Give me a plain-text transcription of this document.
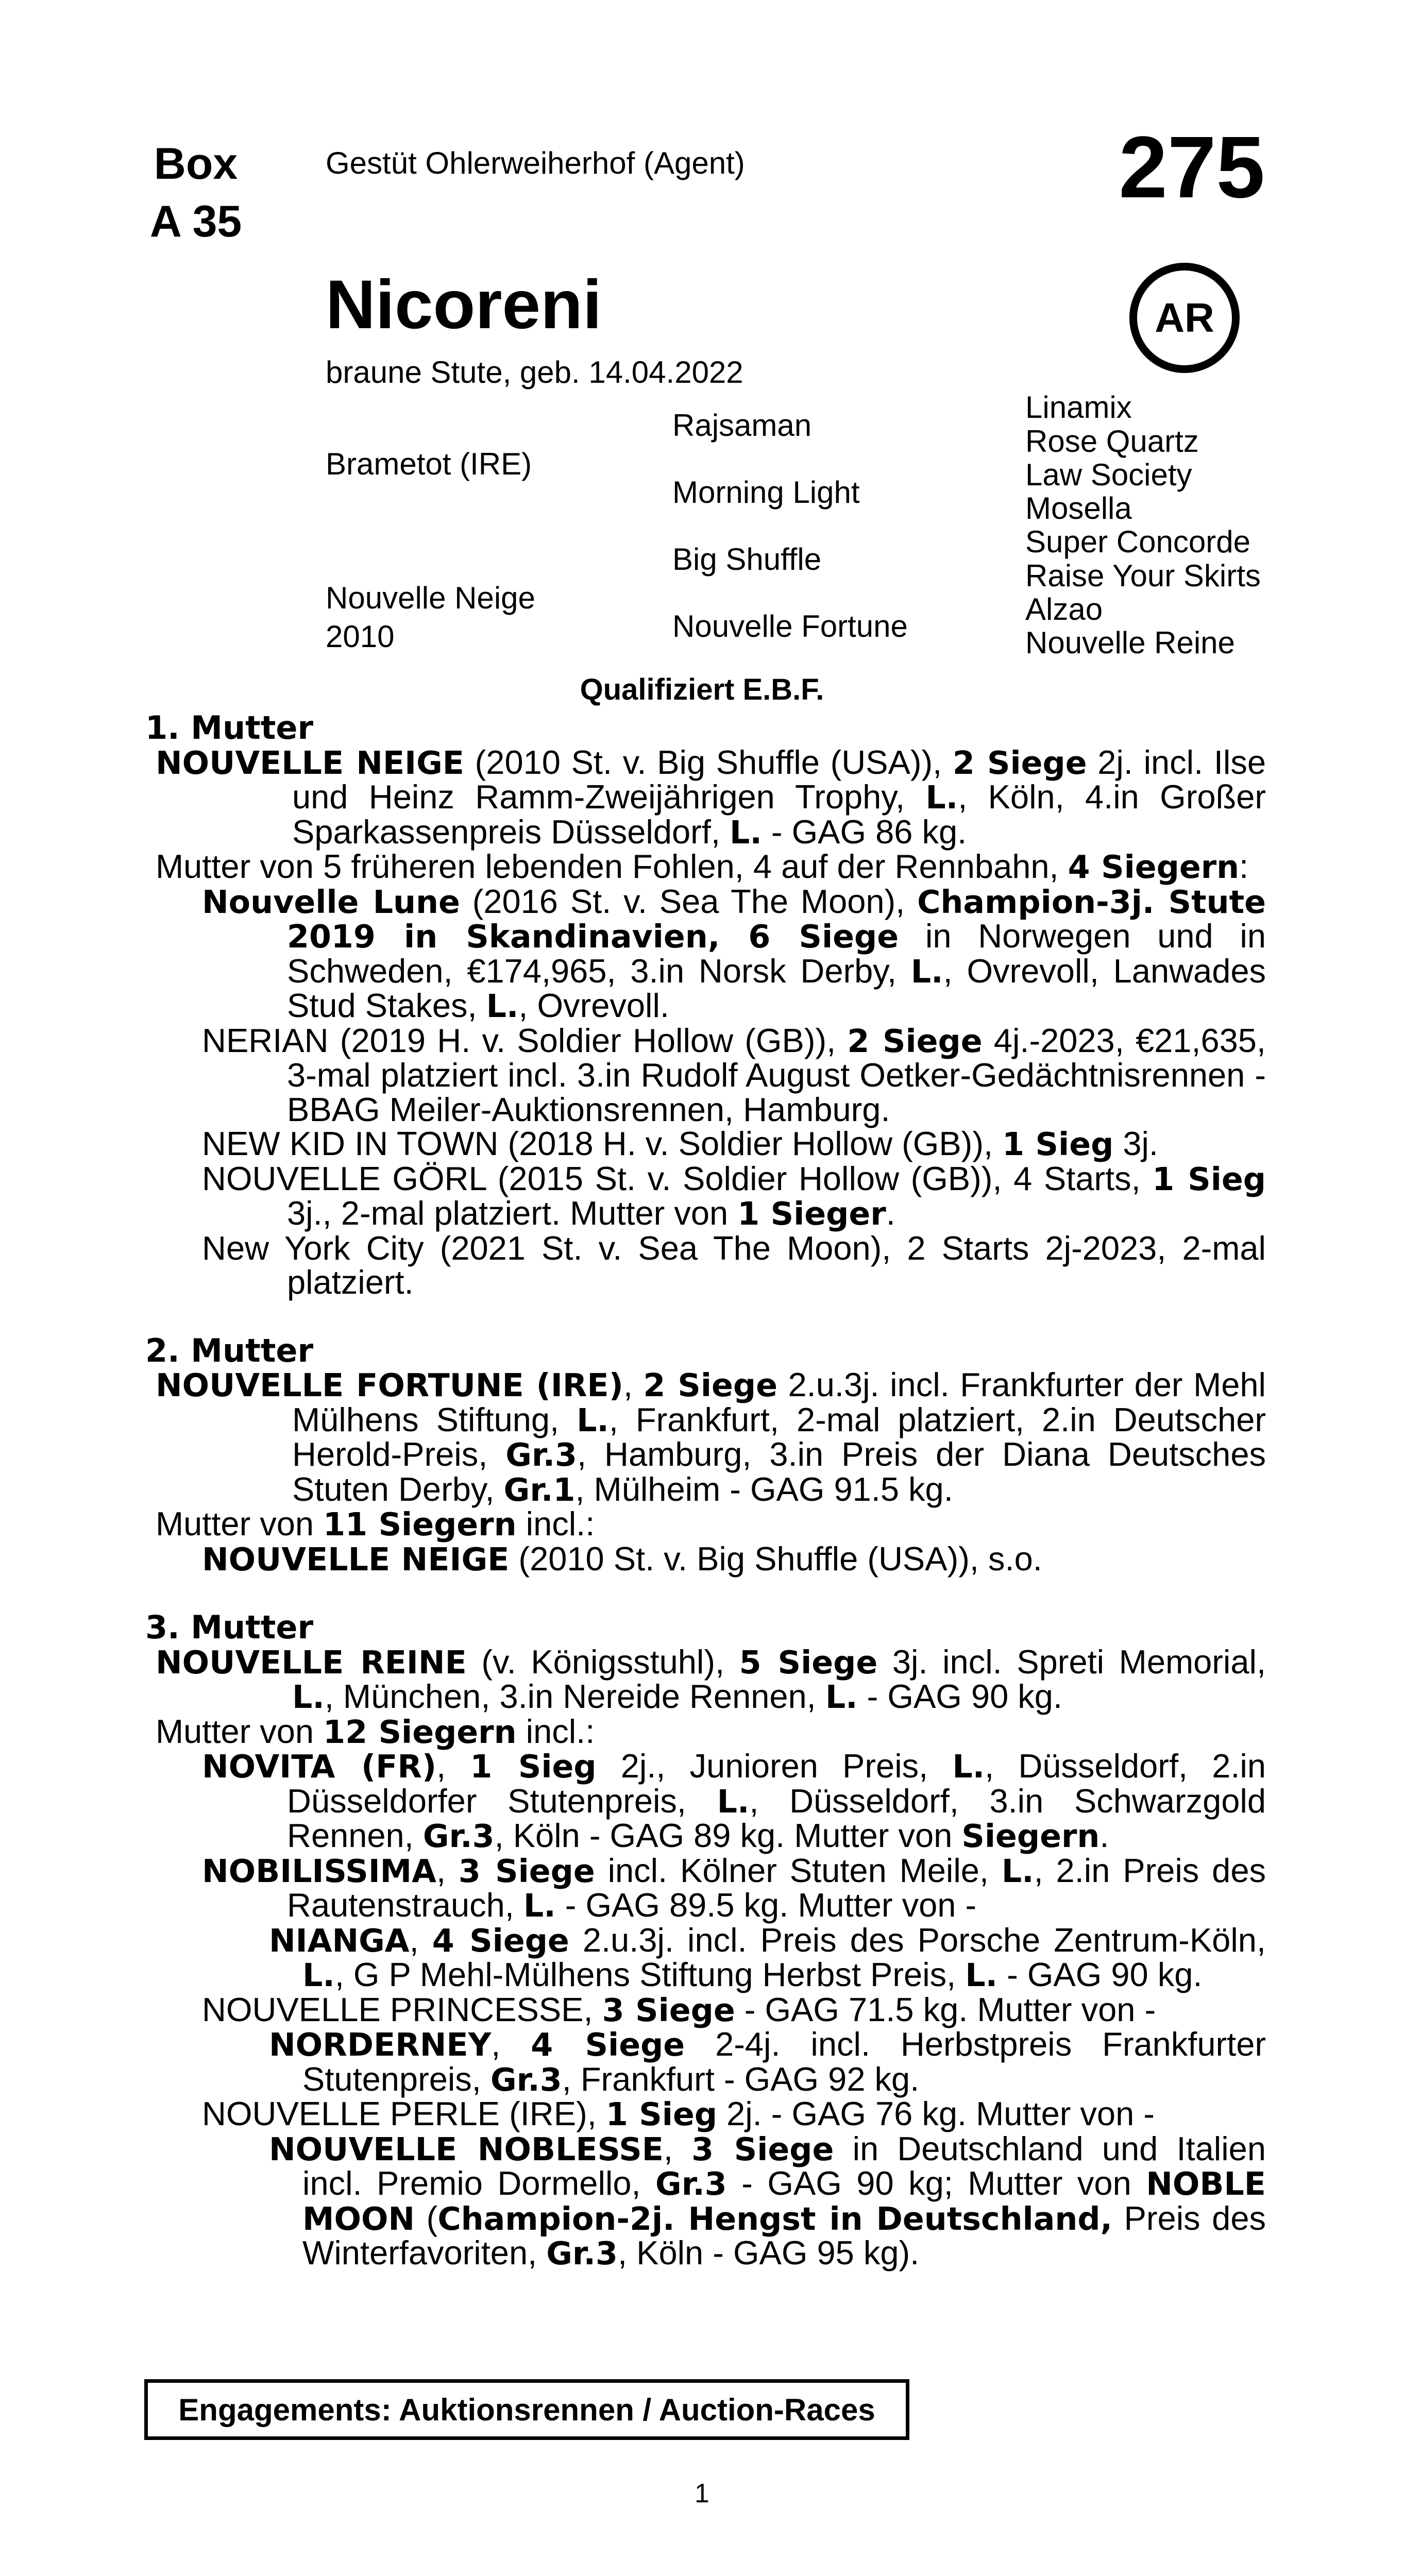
Box
A 35
Gestüt Ohlerweiherhof (Agent)	275
AR
Nicoreni
braune Stute, geb. 14.04.2022
Brametot (IRE)
Nouvelle Neige
2010
Rajsaman
Morning Light
Big Shuffle
Nouvelle Fortune
Linamix
Rose Quartz
Law Society
Mosella
Super Concorde
Raise Your Skirts
Alzao
Nouvelle Reine
Qualifiziert E.B.F.
1. Mutter
NOUVELLE NEIGE (2010 St. v. Big Shuffle (USA)), 2 Siege 2j. incl. Ilse und Heinz Ramm-Zweijährigen Trophy, L., Köln, 4.in Großer Sparkassenpreis Düsseldorf, L. - GAG 86 kg.
Mutter von 5 früheren lebenden Fohlen, 4 auf der Rennbahn, 4 Siegern:
Nouvelle Lune (2016 St. v. Sea The Moon), Champion-3j. Stute 2019 in Skandinavien, 6 Siege in Norwegen und in Schweden, €174,965, 3.in Norsk Derby, L., Ovrevoll, Lanwades Stud Stakes, L., Ovrevoll.
NERIAN (2019 H. v. Soldier Hollow (GB)), 2 Siege 4j.-2023, €21,635, 3-mal platziert incl. 3.in Rudolf August Oetker-Gedächtnisrennen - BBAG Meiler-Auktionsrennen, Hamburg.
NEW KID IN TOWN (2018 H. v. Soldier Hollow (GB)), 1 Sieg 3j.
NOUVELLE GÖRL (2015 St. v. Soldier Hollow (GB)), 4 Starts, 1 Sieg 3j., 2-mal platziert. Mutter von 1 Sieger.
New York City (2021 St. v. Sea The Moon), 2 Starts 2j-2023, 2-mal platziert.
2. Mutter
NOUVELLE FORTUNE (IRE), 2 Siege 2.u.3j. incl. Frankfurter der Mehl Mülhens Stiftung, L., Frankfurt, 2-mal platziert, 2.in Deutscher Herold-Preis, Gr.3, Hamburg, 3.in Preis der Diana Deutsches Stuten Derby, Gr.1, Mülheim - GAG 91.5 kg.
Mutter von 11 Siegern incl.:
NOUVELLE NEIGE (2010 St. v. Big Shuffle (USA)), s.o.
3. Mutter
NOUVELLE REINE (v. Königsstuhl), 5 Siege 3j. incl. Spreti Memorial, L., München, 3.in Nereide Rennen, L. - GAG 90 kg.
Mutter von 12 Siegern incl.:
NOVITA (FR), 1 Sieg 2j., Junioren Preis, L., Düsseldorf, 2.in Düsseldorfer Stutenpreis, L., Düsseldorf, 3.in Schwarzgold Rennen, Gr.3, Köln - GAG 89 kg. Mutter von Siegern.
NOBILISSIMA, 3 Siege incl. Kölner Stuten Meile, L., 2.in Preis des Rautenstrauch, L. - GAG 89.5 kg. Mutter von -
NIANGA, 4 Siege 2.u.3j. incl. Preis des Porsche Zentrum-Köln, L., G P Mehl-Mülhens Stiftung Herbst Preis, L. - GAG 90 kg.
NOUVELLE PRINCESSE, 3 Siege - GAG 71.5 kg. Mutter von -
NORDERNEY, 4 Siege 2-4j. incl. Herbstpreis Frankfurter Stutenpreis, Gr.3, Frankfurt - GAG 92 kg.
NOUVELLE PERLE (IRE), 1 Sieg 2j. - GAG 76 kg. Mutter von -
NOUVELLE NOBLESSE, 3 Siege in Deutschland und Italien incl. Premio Dormello, Gr.3 - GAG 90 kg; Mutter von NOBLE MOON (Champion-2j. Hengst in Deutschland, Preis des Winterfavoriten, Gr.3, Köln - GAG 95 kg).
Engagements: Auktionsrennen / Auction-Races
1
